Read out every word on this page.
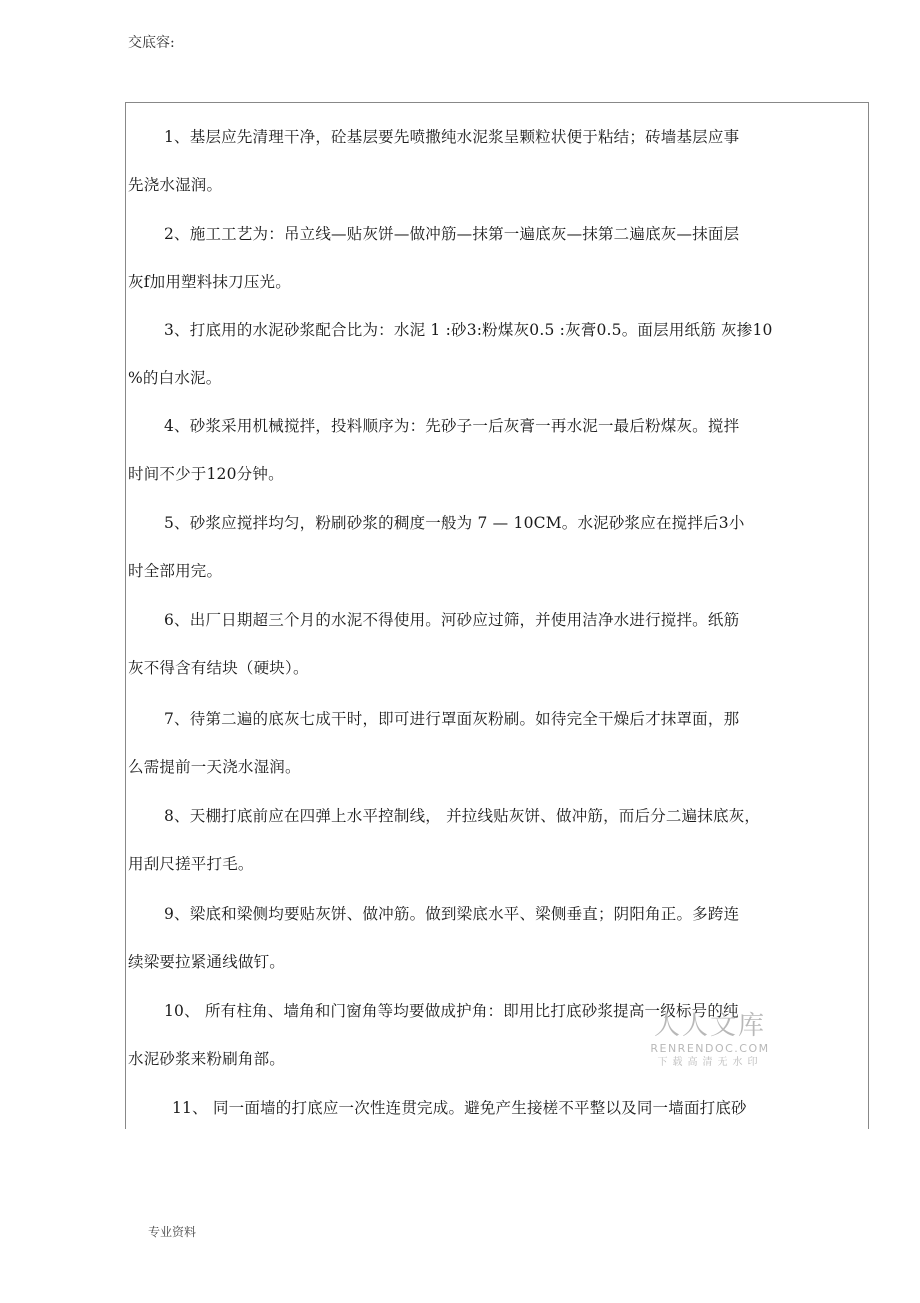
交底容:
1、基层应先清理干净，砼基层要先喷撒纯水泥浆呈颗粒状便于粘结；砖墙基层应事
先浇水湿润。
2、施工工艺为：吊立线—贴灰饼—做冲筋—抹第一遍底灰—抹第二遍底灰—抹面层
灰f加用塑料抹刀压光。
3、打底用的水泥砂浆配合比为：水泥 1 :砂3:粉煤灰0.5 :灰膏0.5。面层用纸筋 灰掺10
%的白水泥。
4、砂浆采用机械搅拌，投料顺序为：先砂子一后灰膏一再水泥一最后粉煤灰。搅拌
时间不少于120分钟。
5、砂浆应搅拌均匀，粉刷砂浆的稠度一般为 7 — 10CM。水泥砂浆应在搅拌后3小
时全部用完。
6、出厂日期超三个月的水泥不得使用。河砂应过筛，并使用洁净水进行搅拌。纸筋
灰不得含有结块（硬块）。
7、待第二遍的底灰七成干时，即可进行罩面灰粉刷。如待完全干燥后才抹罩面，那
么需提前一天浇水湿润。
8、天棚打底前应在四弹上水平控制线， 并拉线贴灰饼、做冲筋，而后分二遍抹底灰，
用刮尺搓平打毛。
9、梁底和梁侧均要贴灰饼、做冲筋。做到梁底水平、梁侧垂直；阴阳角正。多跨连
续梁要拉紧通线做钉。
10、 所有柱角、墙角和门窗角等均要做成护角：即用比打底砂浆提高一级标号的纯
水泥砂浆来粉刷角部。
11、 同一面墙的打底应一次性连贯完成。避免产生接槎不平整以及同一墙面打底砂
人人文库
RENRENDOC.COM
下载高清无水印
专业资料
